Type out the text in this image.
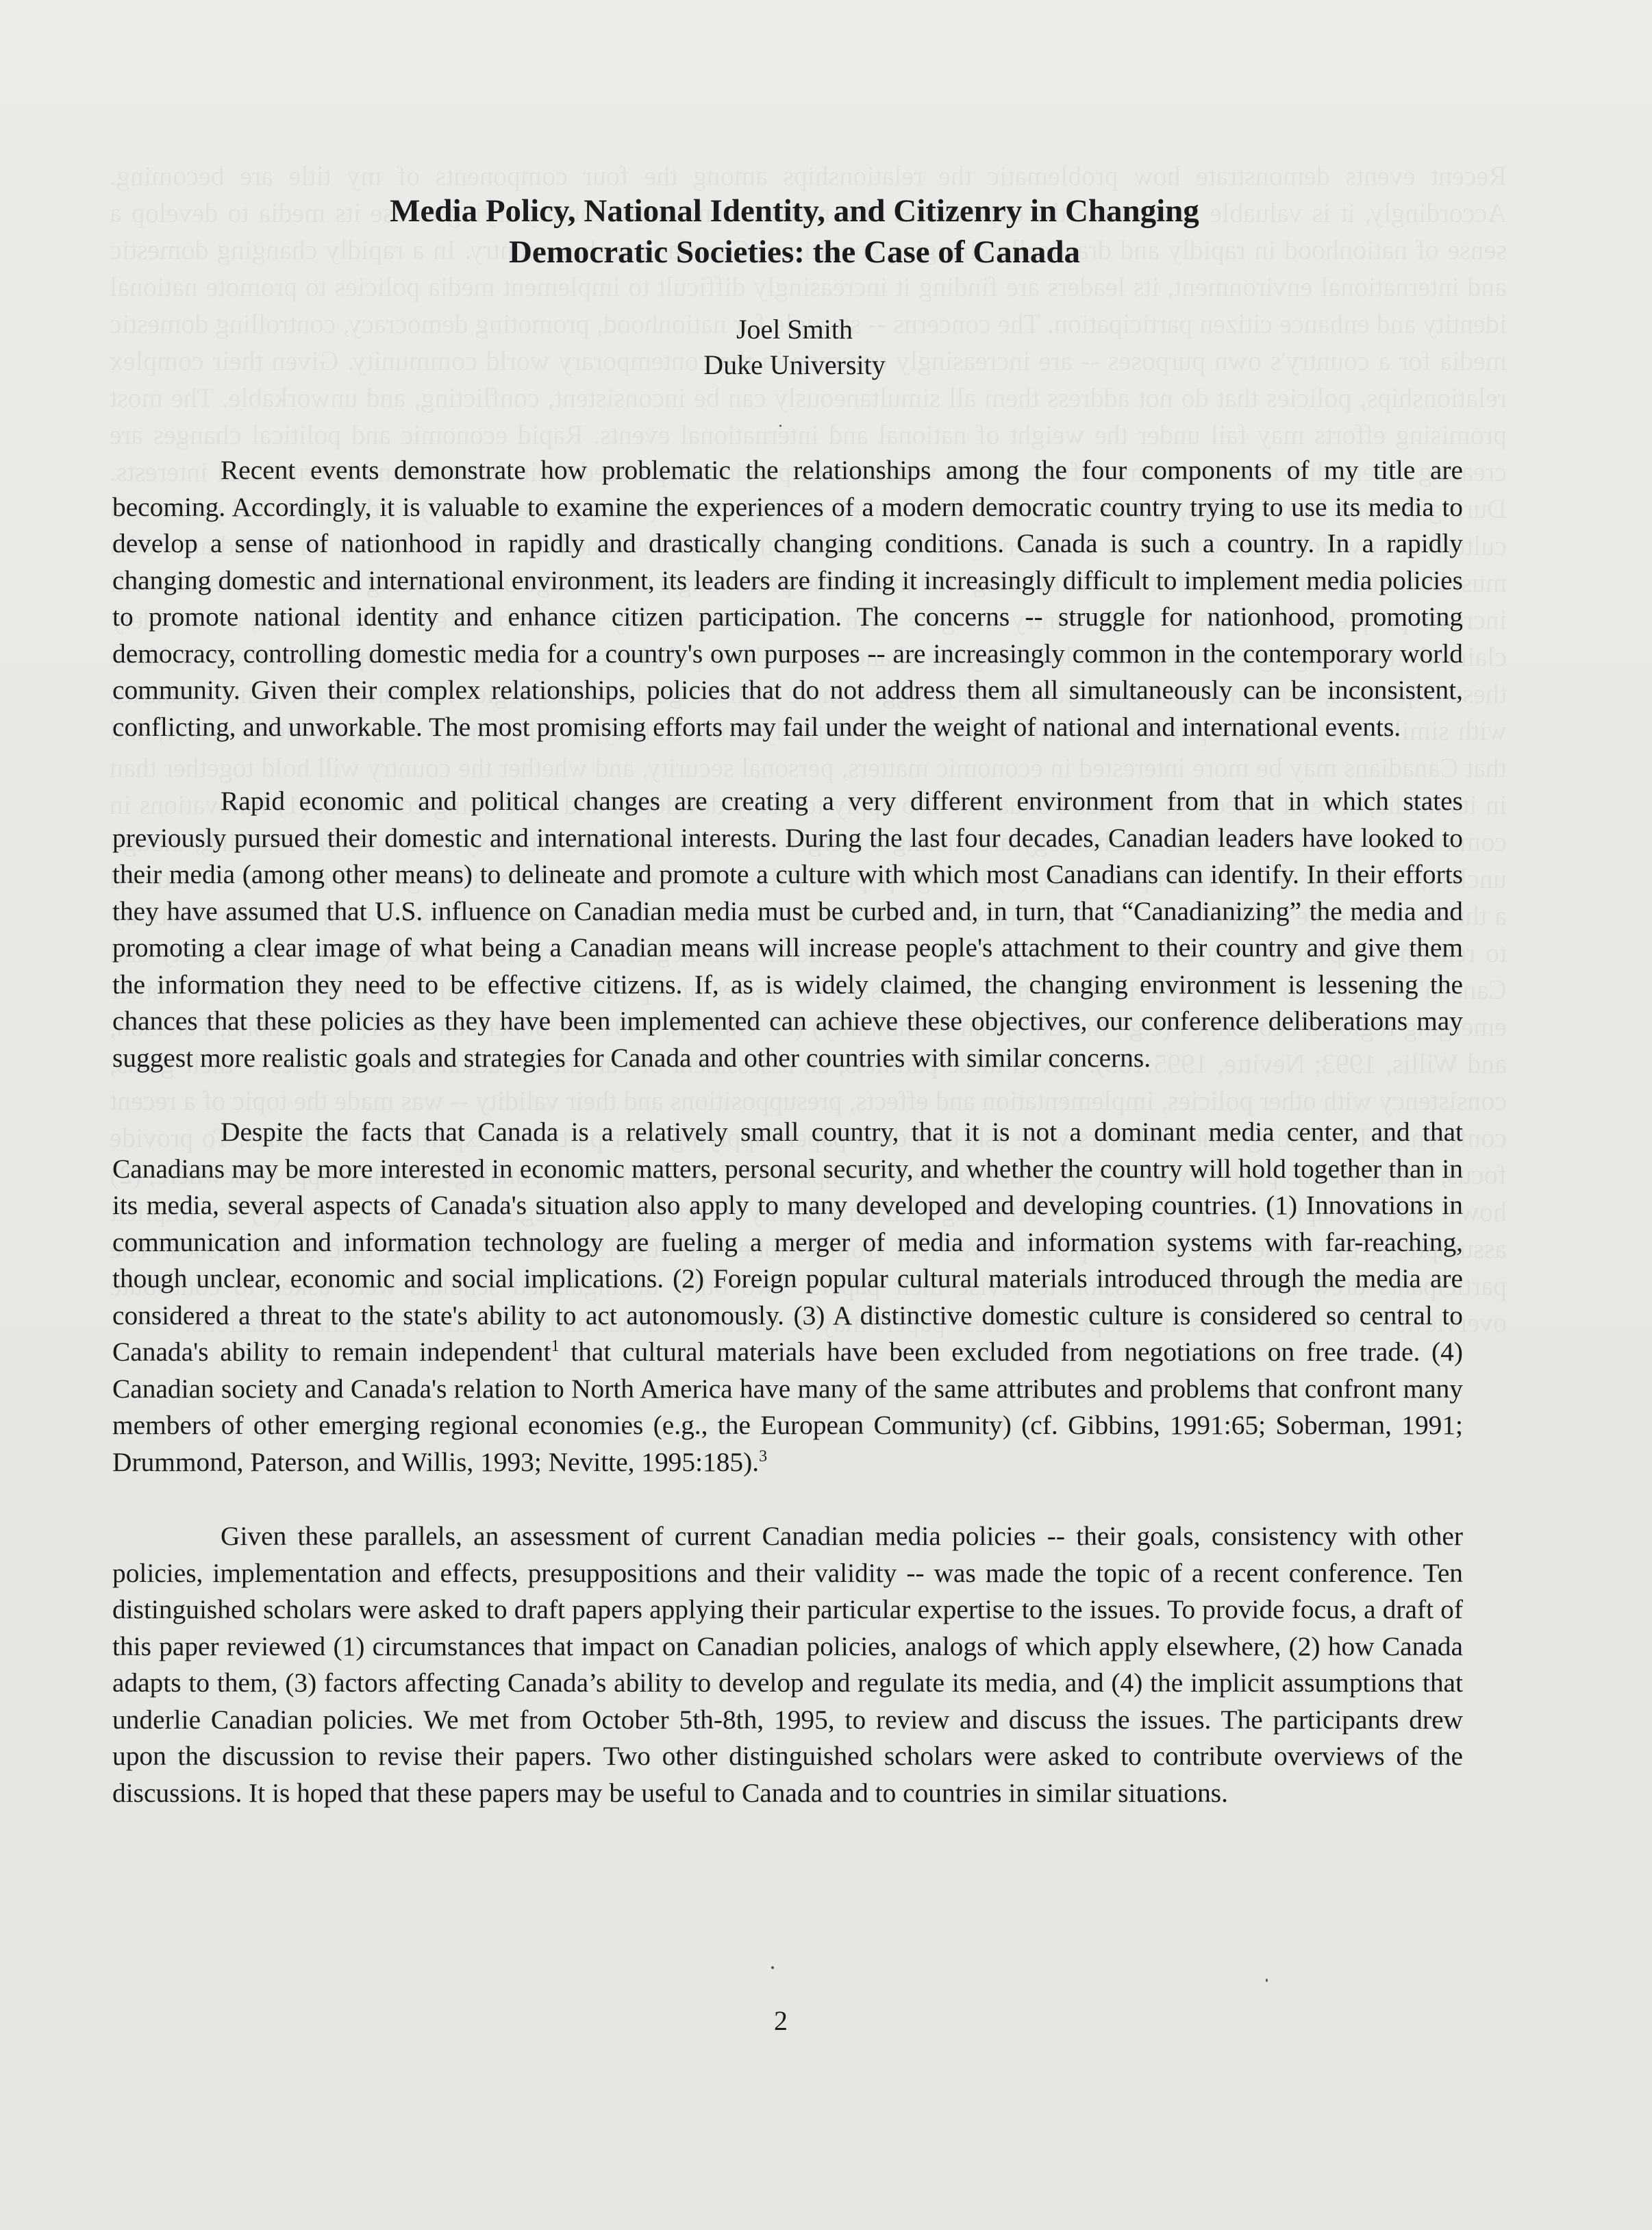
Media Policy, National Identity, and Citizenry in Changing
Democratic Societies: the Case of Canada
Joel Smith
Duke University

Recent events demonstrate how problematic the relationships among the four components of my title are becoming. Accordingly, it is valuable to examine the experiences of a modern democratic country trying to use its media to develop a sense of nationhood in rapidly and drastically changing conditions. Canada is such a country. In a rapidly changing domestic and international environment, its leaders are finding it increasingly difficult to implement media policies to promote national identity and enhance citizen participation. The concerns -- struggle for nationhood, promoting democracy, controlling domestic media for a country's own purposes -- are increasingly common in the contemporary world community. Given their complex relationships, policies that do not address them all simultaneously can be inconsistent, conflicting, and unworkable. The most promising efforts may fail under the weight of national and international events.

Rapid economic and political changes are creating a very different environment from that in which states previously pursued their domestic and international interests. During the last four decades, Canadian leaders have looked to their media (among other means) to delineate and promote a culture with which most Canadians can identify. In their efforts they have assumed that U.S. influence on Canadian media must be curbed and, in turn, that “Canadianizing” the media and promoting a clear image of what being a Canadian means will increase people's attachment to their country and give them the information they need to be effective citizens. If, as is widely claimed, the changing environment is lessening the chances that these policies as they have been implemented can achieve these objectives, our conference deliberations may suggest more realistic goals and strategies for Canada and other countries with similar concerns.

Despite the facts that Canada is a relatively small country, that it is not a dominant media center, and that Canadians may be more interested in economic matters, personal security, and whether the country will hold together than in its media, several aspects of Canada's situation also apply to many developed and developing countries. (1) Innovations in communication and information technology are fueling a merger of media and information systems with far-reaching, though unclear, economic and social implications. (2) Foreign popular cultural materials introduced through the media are considered a threat to the state's ability to act autonomously. (3) A distinctive domestic culture is considered so central to Canada's ability to remain independent$^1$ that cultural materials have been excluded from negotiations on free trade. (4) Canadian society and Canada's relation to North America have many of the same attributes and problems that confront many members of other emerging regional economies (e.g., the European Community) (cf. Gibbins, 1991:65; Soberman, 1991; Drummond, Paterson, and Willis, 1993; Nevitte, 1995:185).$^3$

Given these parallels, an assessment of current Canadian media policies -- their goals, consistency with other policies, implementation and effects, presuppositions and their validity -- was made the topic of a recent conference. Ten distinguished scholars were asked to draft papers applying their particular expertise to the issues. To provide focus, a draft of this paper reviewed (1) circumstances that impact on Canadian policies, analogs of which apply elsewhere, (2) how Canada adapts to them, (3) factors affecting Canada’s ability to develop and regulate its media, and (4) the implicit assumptions that underlie Canadian policies. We met from October 5th-8th, 1995, to review and discuss the issues. The participants drew upon the discussion to revise their papers. Two other distinguished scholars were asked to contribute overviews of the discussions. It is hoped that these papers may be useful to Canada and to countries in similar situations.

2
